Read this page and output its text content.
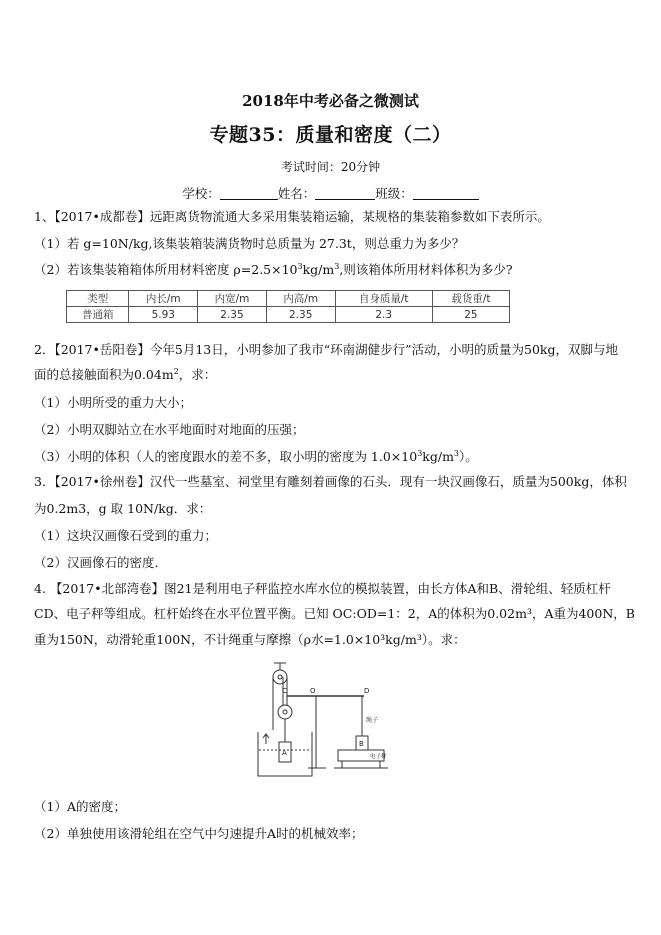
2018年中考必备之微测试
专题35：质量和密度（二）
考试时间：20分钟
学校：	姓名：	班级：
1、【2017•成都卷】远距离货物流通大多采用集装箱运输，某规格的集装箱参数如下表所示。
（1）若 g=10N/kg,该集装箱装满货物时总质量为 27.3t，则总重力为多少？
（2）若该集装箱箱体所用材料密度 $\rho=2.5\times 10^3kg/m^3$,则该箱体所用材料体积为多少?
类型	内长/m	内宽/m	内高/m	自身质量/t	载货重/t
普通箱	5.93	2.35	2.35	2.3	25
2．【2017•岳阳卷】今年5月13日，小明参加了我市“环南湖健步行”活动，小明的质量为50kg，双脚与地
面的总接触面积为$0.04m^2$，求：
（1）小明所受的重力大小；
（2）小明双脚站立在水平地面时对地面的压强；
（3）小明的体积（人的密度跟水的差不多，取小明的密度为 $1.0\times 10^3kg/m^3$）。
3．【2017•徐州卷】汉代一些墓室、祠堂里有雕刻着画像的石头．现有一块汉画像石，质量为500kg，体积
为0.2m3，g 取 10N/kg．求：
（1）这块汉画像石受到的重力；
（2）汉画像石的密度．
4. 【2017•北部湾卷】图21是利用电子秤监控水库水位的模拟装置，由长方体A和B、滑轮组、轻质杠杆
CD、电子秤等组成。杠杆始终在水平位置平衡。已知 OC:OD=1：2，A的体积为0.02m³，A重为400N，B
重为150N，动滑轮重100N，不计绳重与摩擦（ρ水=1.0×10³kg/m³）。求：
O
C	D
A
B
绳子
电子秤
（1）A的密度；
（2）单独使用该滑轮组在空气中匀速提升A时的机械效率；
